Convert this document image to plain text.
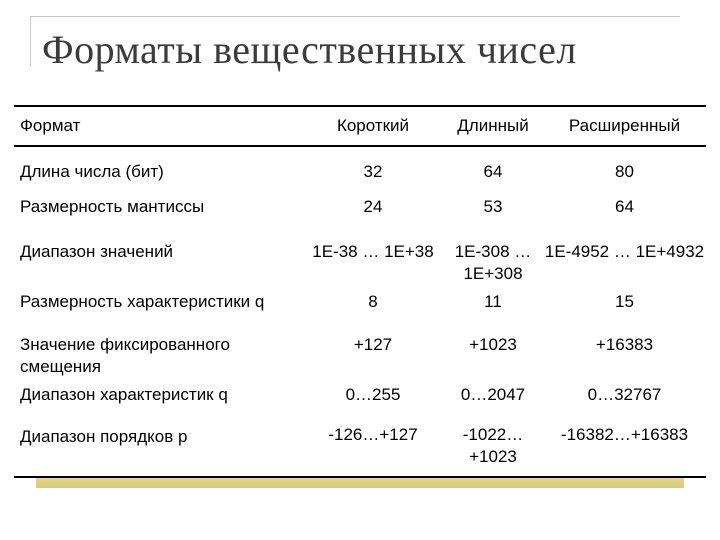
Форматы вещественных чисел
Формат	Короткий	Длинный	Расширенный
Длина числа (бит)	32	64	80
Размерность мантиссы	24	53	64
Диапазон значений	1E-38 … 1E+38	1E-308 … 1E+308	1E-4952 … 1E+4932
Размерность характеристики q	8	11	15
Значение фиксированного смещения	+127	+1023	+16383
Диапазон характеристик q	0…255	0…2047	0…32767
Диапазон порядков p	-126…+127	-1022… +1023	-16382…+16383
